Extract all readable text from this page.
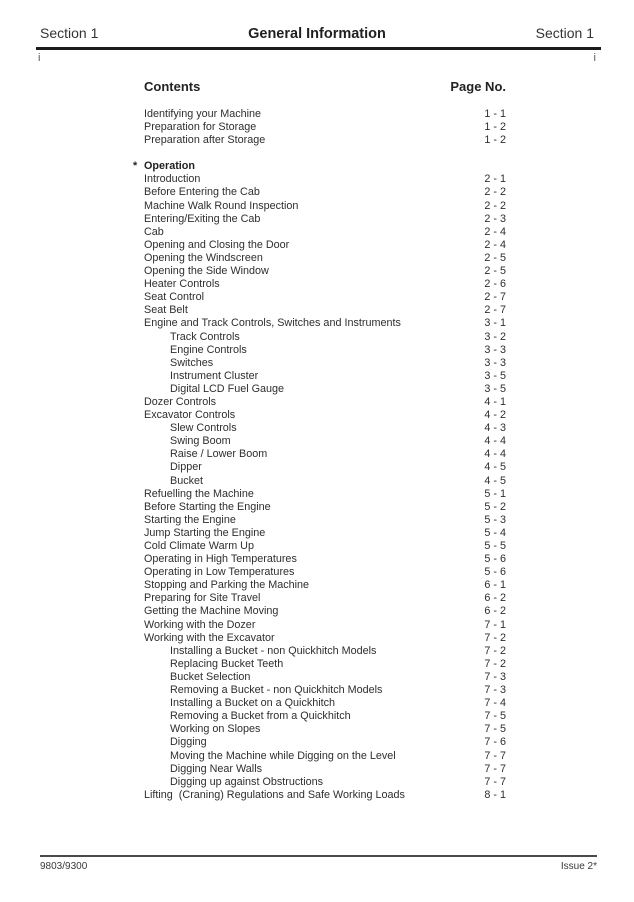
Section 1	General Information	Section 1
i	i
Contents	Page No.
Identifying your Machine	1 - 1
Preparation for Storage	1 - 2
Preparation after Storage	1 - 2
* Operation
Introduction	2 - 1
Before Entering the Cab	2 - 2
Machine Walk Round Inspection	2 - 2
Entering/Exiting the Cab	2 - 3
Cab	2 - 4
Opening and Closing the Door	2 - 4
Opening the Windscreen	2 - 5
Opening the Side Window	2 - 5
Heater Controls	2 - 6
Seat Control	2 - 7
Seat Belt	2 - 7
Engine and Track Controls, Switches and Instruments	3 - 1
Track Controls	3 - 2
Engine Controls	3 - 3
Switches	3 - 3
Instrument Cluster	3 - 5
Digital LCD Fuel Gauge	3 - 5
Dozer Controls	4 - 1
Excavator Controls	4 - 2
Slew Controls	4 - 3
Swing Boom	4 - 4
Raise / Lower Boom	4 - 4
Dipper	4 - 5
Bucket	4 - 5
Refuelling the Machine	5 - 1
Before Starting the Engine	5 - 2
Starting the Engine	5 - 3
Jump Starting the Engine	5 - 4
Cold Climate Warm Up	5 - 5
Operating in High Temperatures	5 - 6
Operating in Low Temperatures	5 - 6
Stopping and Parking the Machine	6 - 1
Preparing for Site Travel	6 - 2
Getting the Machine Moving	6 - 2
Working with the Dozer	7 - 1
Working with the Excavator	7 - 2
Installing a Bucket - non Quickhitch Models	7 - 2
Replacing Bucket Teeth	7 - 2
Bucket Selection	7 - 3
Removing a Bucket - non Quickhitch Models	7 - 3
Installing a Bucket on a Quickhitch	7 - 4
Removing a Bucket from a Quickhitch	7 - 5
Working on Slopes	7 - 5
Digging	7 - 6
Moving the Machine while Digging on the Level	7 - 7
Digging Near Walls	7 - 7
Digging up against Obstructions	7 - 7
Lifting  (Craning) Regulations and Safe Working Loads	8 - 1
9803/9300	Issue 2*
